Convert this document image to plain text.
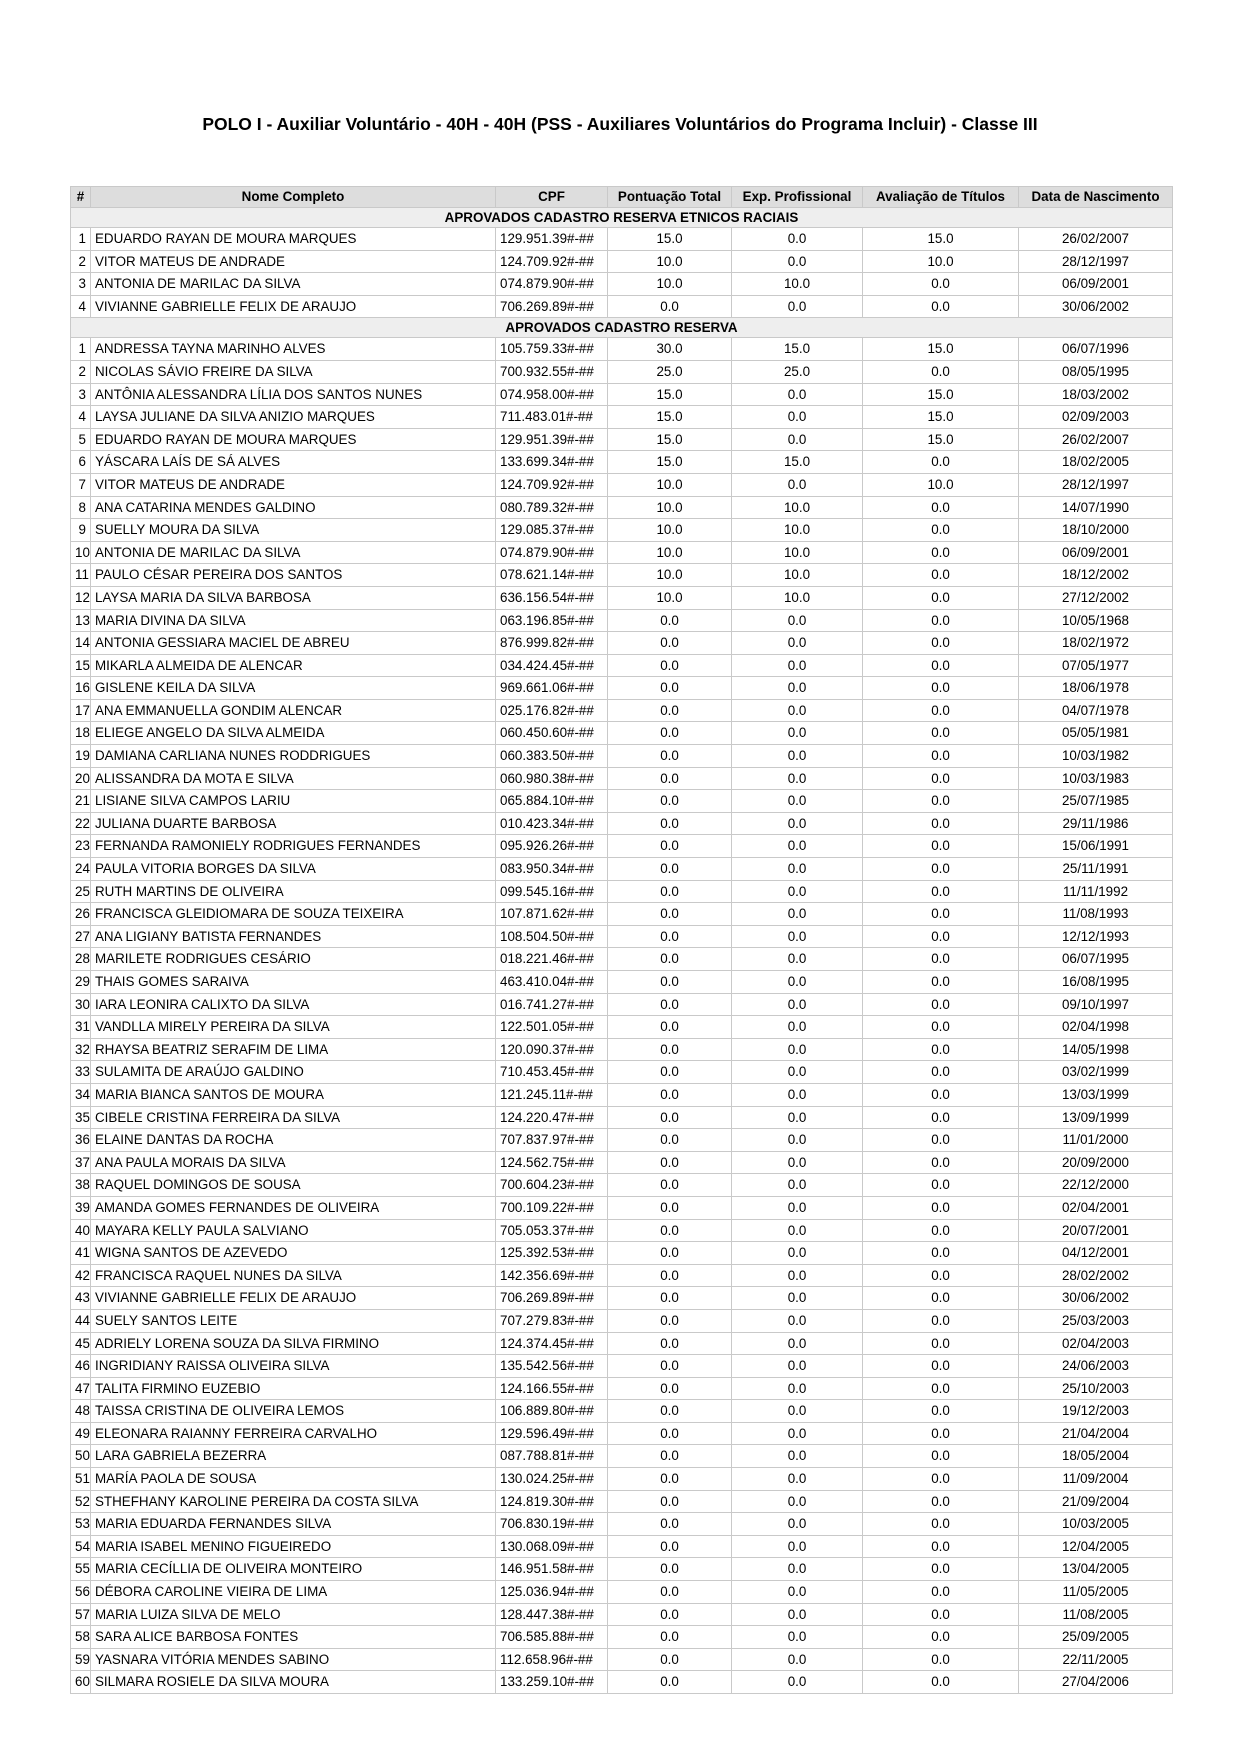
POLO I - Auxiliar Voluntário - 40H - 40H (PSS - Auxiliares Voluntários do Programa Incluir) - Classe III
#	Nome Completo	CPF	Pontuação Total	Exp. Profissional	Avaliação de Títulos	Data de Nascimento
APROVADOS CADASTRO RESERVA ETNICOS RACIAIS						
1	EDUARDO RAYAN DE MOURA MARQUES	129.951.39#-##	15.0	0.0	15.0	26/02/2007
2	VITOR MATEUS DE ANDRADE	124.709.92#-##	10.0	0.0	10.0	28/12/1997
3	ANTONIA DE MARILAC DA SILVA	074.879.90#-##	10.0	10.0	0.0	06/09/2001
4	VIVIANNE GABRIELLE FELIX DE ARAUJO	706.269.89#-##	0.0	0.0	0.0	30/06/2002
APROVADOS CADASTRO RESERVA						
1	ANDRESSA TAYNA MARINHO ALVES	105.759.33#-##	30.0	15.0	15.0	06/07/1996
2	NICOLAS SÁVIO FREIRE DA SILVA	700.932.55#-##	25.0	25.0	0.0	08/05/1995
3	ANTÔNIA ALESSANDRA LÍLIA DOS SANTOS NUNES	074.958.00#-##	15.0	0.0	15.0	18/03/2002
4	LAYSA JULIANE DA SILVA ANIZIO MARQUES	711.483.01#-##	15.0	0.0	15.0	02/09/2003
5	EDUARDO RAYAN DE MOURA MARQUES	129.951.39#-##	15.0	0.0	15.0	26/02/2007
6	YÁSCARA LAÍS DE SÁ ALVES	133.699.34#-##	15.0	15.0	0.0	18/02/2005
7	VITOR MATEUS DE ANDRADE	124.709.92#-##	10.0	0.0	10.0	28/12/1997
8	ANA CATARINA MENDES GALDINO	080.789.32#-##	10.0	10.0	0.0	14/07/1990
9	SUELLY MOURA DA SILVA	129.085.37#-##	10.0	10.0	0.0	18/10/2000
10	ANTONIA DE MARILAC DA SILVA	074.879.90#-##	10.0	10.0	0.0	06/09/2001
11	PAULO CÉSAR PEREIRA DOS SANTOS	078.621.14#-##	10.0	10.0	0.0	18/12/2002
12	LAYSA MARIA DA SILVA BARBOSA	636.156.54#-##	10.0	10.0	0.0	27/12/2002
13	MARIA DIVINA DA SILVA	063.196.85#-##	0.0	0.0	0.0	10/05/1968
14	ANTONIA GESSIARA MACIEL DE ABREU	876.999.82#-##	0.0	0.0	0.0	18/02/1972
15	MIKARLA ALMEIDA DE ALENCAR	034.424.45#-##	0.0	0.0	0.0	07/05/1977
16	GISLENE KEILA DA SILVA	969.661.06#-##	0.0	0.0	0.0	18/06/1978
17	ANA EMMANUELLA GONDIM ALENCAR	025.176.82#-##	0.0	0.0	0.0	04/07/1978
18	ELIEGE ANGELO DA SILVA ALMEIDA	060.450.60#-##	0.0	0.0	0.0	05/05/1981
19	DAMIANA CARLIANA NUNES RODDRIGUES	060.383.50#-##	0.0	0.0	0.0	10/03/1982
20	ALISSANDRA DA MOTA E SILVA	060.980.38#-##	0.0	0.0	0.0	10/03/1983
21	LISIANE SILVA CAMPOS LARIU	065.884.10#-##	0.0	0.0	0.0	25/07/1985
22	JULIANA DUARTE BARBOSA	010.423.34#-##	0.0	0.0	0.0	29/11/1986
23	FERNANDA RAMONIELY RODRIGUES FERNANDES	095.926.26#-##	0.0	0.0	0.0	15/06/1991
24	PAULA VITORIA BORGES DA SILVA	083.950.34#-##	0.0	0.0	0.0	25/11/1991
25	RUTH MARTINS DE OLIVEIRA	099.545.16#-##	0.0	0.0	0.0	11/11/1992
26	FRANCISCA GLEIDIOMARA DE SOUZA TEIXEIRA	107.871.62#-##	0.0	0.0	0.0	11/08/1993
27	ANA LIGIANY BATISTA FERNANDES	108.504.50#-##	0.0	0.0	0.0	12/12/1993
28	MARILETE RODRIGUES CESÁRIO	018.221.46#-##	0.0	0.0	0.0	06/07/1995
29	THAIS GOMES SARAIVA	463.410.04#-##	0.0	0.0	0.0	16/08/1995
30	IARA LEONIRA CALIXTO DA SILVA	016.741.27#-##	0.0	0.0	0.0	09/10/1997
31	VANDLLA MIRELY PEREIRA DA SILVA	122.501.05#-##	0.0	0.0	0.0	02/04/1998
32	RHAYSA BEATRIZ SERAFIM DE LIMA	120.090.37#-##	0.0	0.0	0.0	14/05/1998
33	SULAMITA DE ARAÚJO GALDINO	710.453.45#-##	0.0	0.0	0.0	03/02/1999
34	MARIA BIANCA SANTOS DE MOURA	121.245.11#-##	0.0	0.0	0.0	13/03/1999
35	CIBELE CRISTINA FERREIRA DA SILVA	124.220.47#-##	0.0	0.0	0.0	13/09/1999
36	ELAINE DANTAS DA ROCHA	707.837.97#-##	0.0	0.0	0.0	11/01/2000
37	ANA PAULA MORAIS DA SILVA	124.562.75#-##	0.0	0.0	0.0	20/09/2000
38	RAQUEL DOMINGOS DE SOUSA	700.604.23#-##	0.0	0.0	0.0	22/12/2000
39	AMANDA GOMES FERNANDES DE OLIVEIRA	700.109.22#-##	0.0	0.0	0.0	02/04/2001
40	MAYARA KELLY PAULA SALVIANO	705.053.37#-##	0.0	0.0	0.0	20/07/2001
41	WIGNA SANTOS DE AZEVEDO	125.392.53#-##	0.0	0.0	0.0	04/12/2001
42	FRANCISCA RAQUEL NUNES DA SILVA	142.356.69#-##	0.0	0.0	0.0	28/02/2002
43	VIVIANNE GABRIELLE FELIX DE ARAUJO	706.269.89#-##	0.0	0.0	0.0	30/06/2002
44	SUELY SANTOS LEITE	707.279.83#-##	0.0	0.0	0.0	25/03/2003
45	ADRIELY LORENA SOUZA DA SILVA FIRMINO	124.374.45#-##	0.0	0.0	0.0	02/04/2003
46	INGRIDIANY RAISSA OLIVEIRA SILVA	135.542.56#-##	0.0	0.0	0.0	24/06/2003
47	TALITA FIRMINO EUZEBIO	124.166.55#-##	0.0	0.0	0.0	25/10/2003
48	TAISSA CRISTINA DE OLIVEIRA LEMOS	106.889.80#-##	0.0	0.0	0.0	19/12/2003
49	ELEONARA RAIANNY FERREIRA CARVALHO	129.596.49#-##	0.0	0.0	0.0	21/04/2004
50	LARA GABRIELA BEZERRA	087.788.81#-##	0.0	0.0	0.0	18/05/2004
51	MARÍA PAOLA DE SOUSA	130.024.25#-##	0.0	0.0	0.0	11/09/2004
52	STHEFHANY KAROLINE PEREIRA DA COSTA SILVA	124.819.30#-##	0.0	0.0	0.0	21/09/2004
53	MARIA EDUARDA FERNANDES SILVA	706.830.19#-##	0.0	0.0	0.0	10/03/2005
54	MARIA ISABEL MENINO FIGUEIREDO	130.068.09#-##	0.0	0.0	0.0	12/04/2005
55	MARIA CECÍLLIA DE OLIVEIRA MONTEIRO	146.951.58#-##	0.0	0.0	0.0	13/04/2005
56	DÉBORA CAROLINE VIEIRA DE LIMA	125.036.94#-##	0.0	0.0	0.0	11/05/2005
57	MARIA LUIZA SILVA DE MELO	128.447.38#-##	0.0	0.0	0.0	11/08/2005
58	SARA ALICE BARBOSA FONTES	706.585.88#-##	0.0	0.0	0.0	25/09/2005
59	YASNARA VITÓRIA MENDES SABINO	112.658.96#-##	0.0	0.0	0.0	22/11/2005
60	SILMARA ROSIELE DA SILVA MOURA	133.259.10#-##	0.0	0.0	0.0	27/04/2006
